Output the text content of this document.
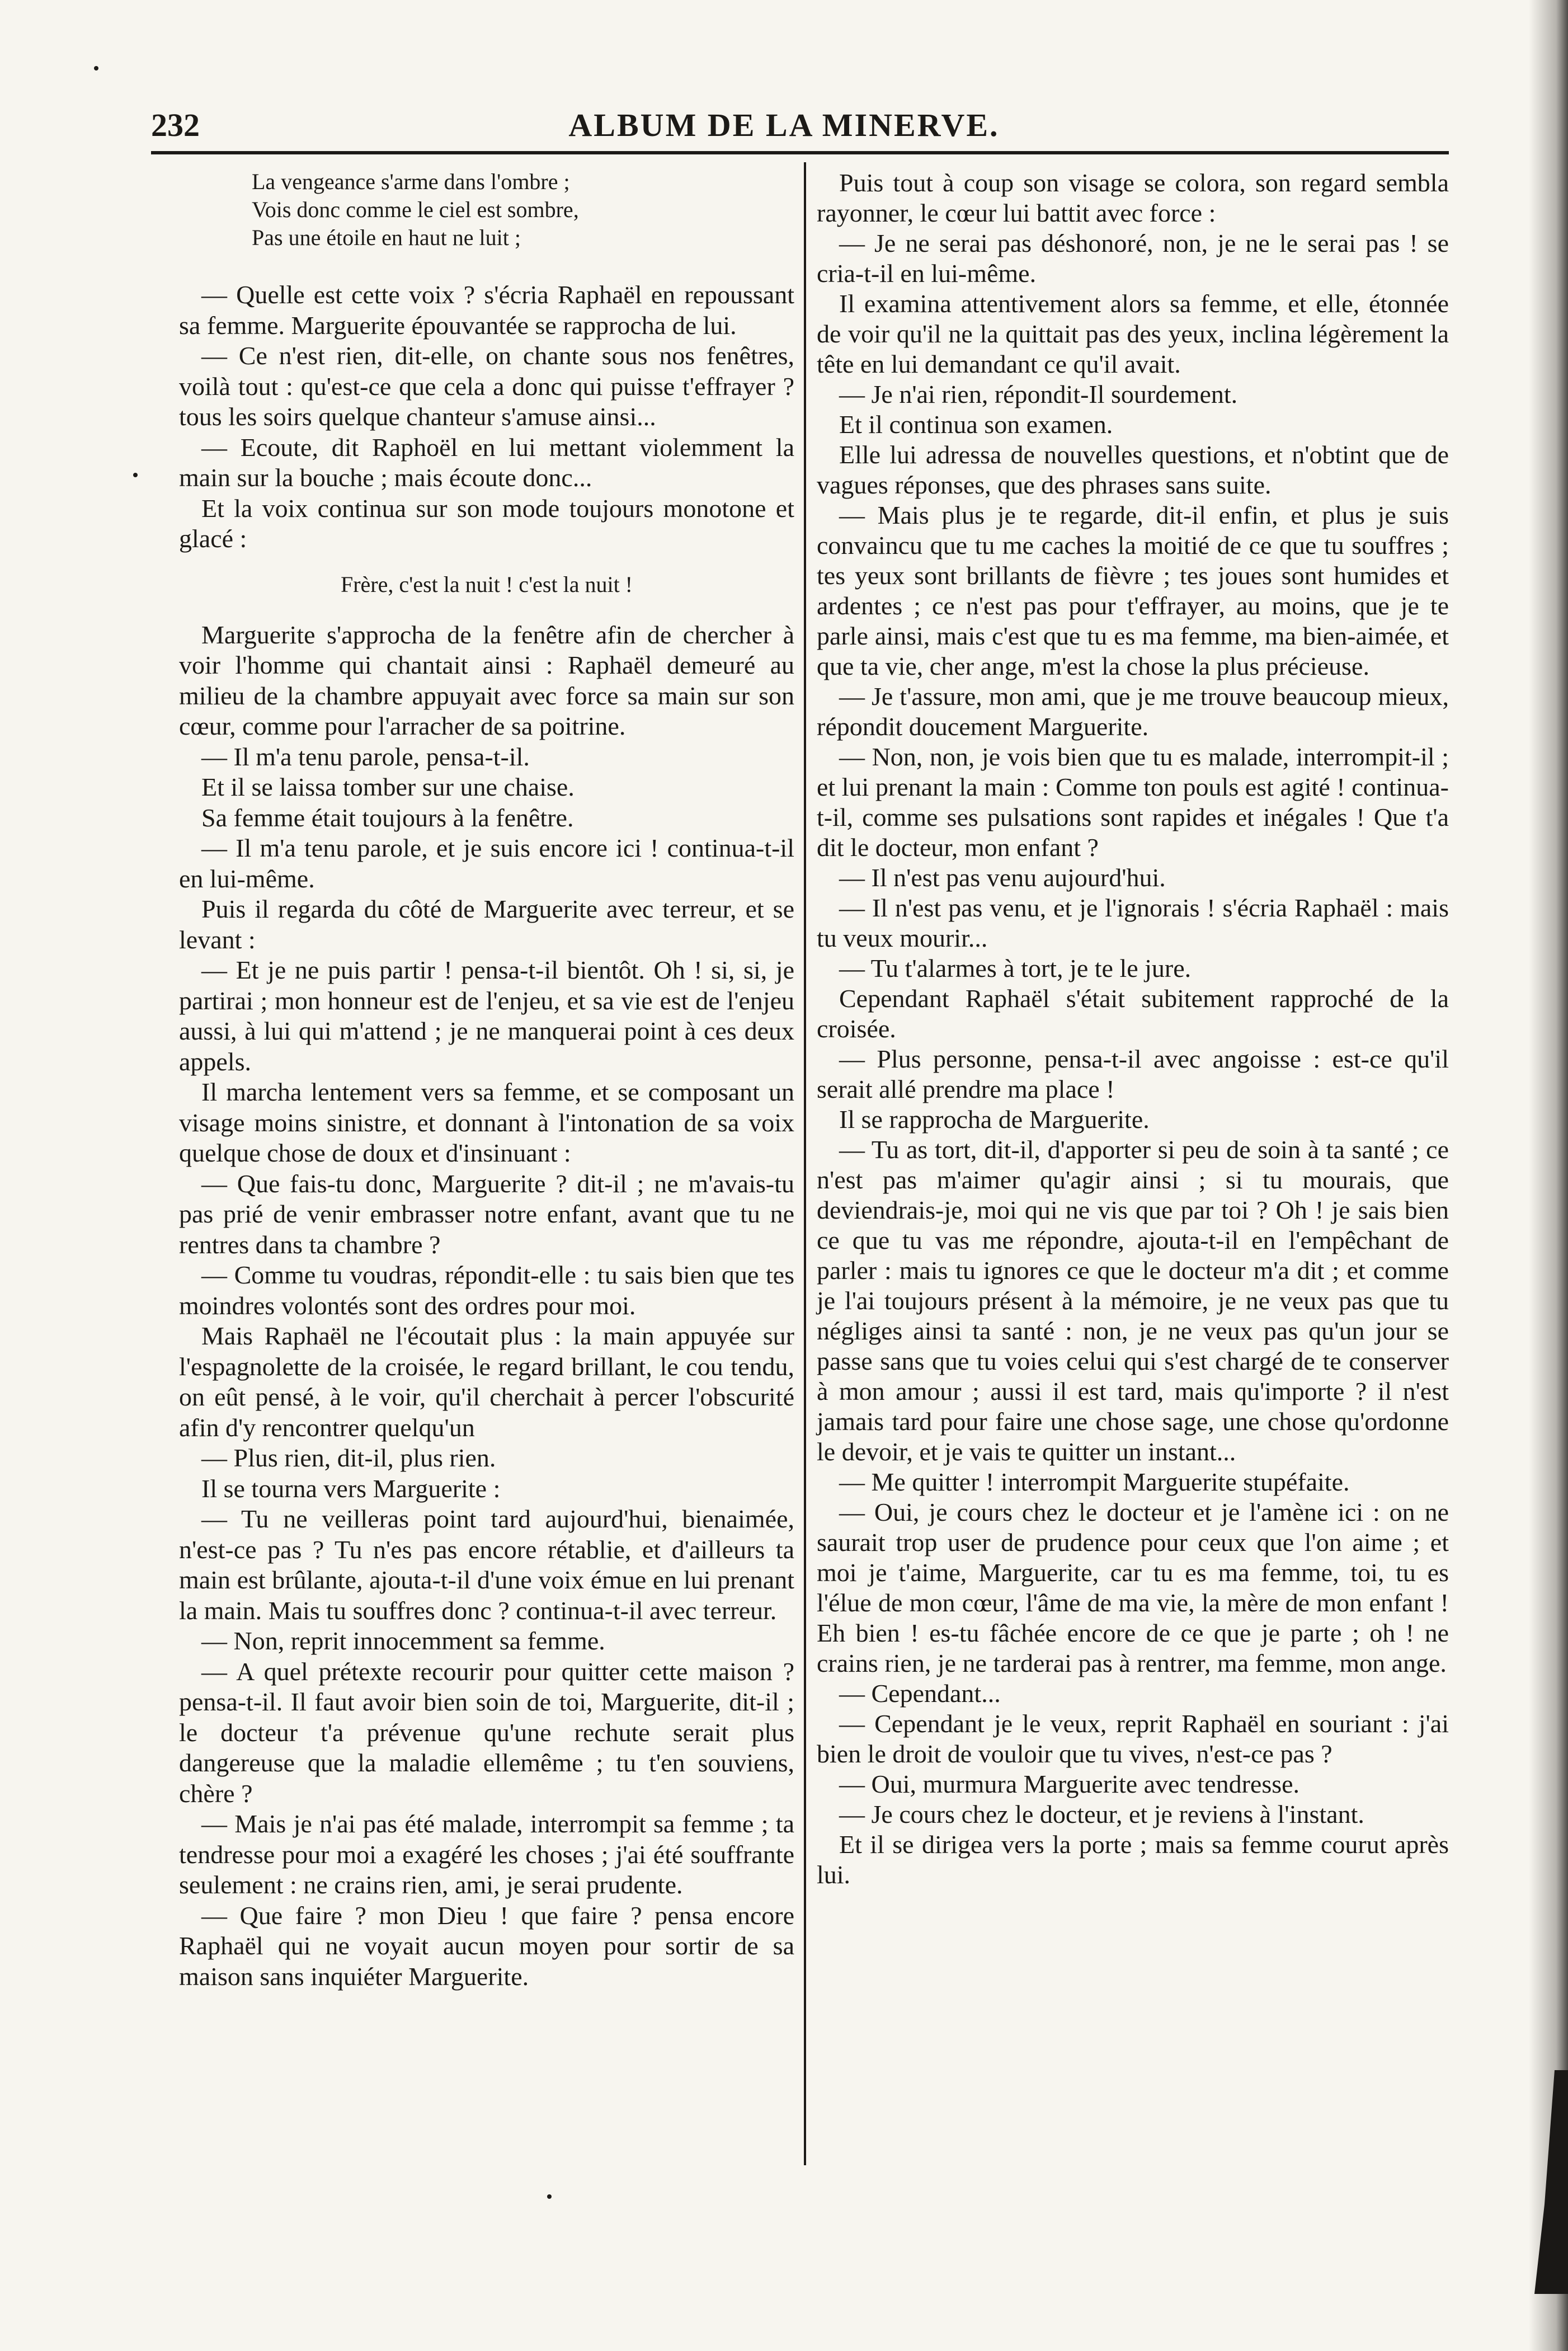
232	ALBUM DE LA MINERVE.
La vengeance s'arme dans l'ombre ;
Vois donc comme le ciel est sombre,
Pas une étoile en haut ne luit ;

— Quelle est cette voix ? s'écria Raphaël en repoussant sa femme. Marguerite épouvantée se rapprocha de lui.

— Ce n'est rien, dit-elle, on chante sous nos fenêtres, voilà tout : qu'est-ce que cela a donc qui puisse t'effrayer ? tous les soirs quelque chanteur s'amuse ainsi...

— Ecoute, dit Raphoël en lui mettant violemment la main sur la bouche ; mais écoute donc...

Et la voix continua sur son mode toujours monotone et glacé :

Frère, c'est la nuit ! c'est la nuit !

Marguerite s'approcha de la fenêtre afin de chercher à voir l'homme qui chantait ainsi : Raphaël demeuré au milieu de la chambre appuyait avec force sa main sur son cœur, comme pour l'arracher de sa poitrine.

— Il m'a tenu parole, pensa-t-il.

Et il se laissa tomber sur une chaise.

Sa femme était toujours à la fenêtre.

— Il m'a tenu parole, et je suis encore ici ! continua-t-il en lui-même.

Puis il regarda du côté de Marguerite avec terreur, et se levant :

— Et je ne puis partir ! pensa-t-il bientôt. Oh ! si, si, je partirai ; mon honneur est de l'enjeu, et sa vie est de l'enjeu aussi, à lui qui m'attend ; je ne manquerai point à ces deux appels.

Il marcha lentement vers sa femme, et se composant un visage moins sinistre, et donnant à l'intonation de sa voix quelque chose de doux et d'insinuant :

— Que fais-tu donc, Marguerite ? dit-il ; ne m'avais-tu pas prié de venir embrasser notre enfant, avant que tu ne rentres dans ta chambre ?

— Comme tu voudras, répondit-elle : tu sais bien que tes moindres volontés sont des ordres pour moi.

Mais Raphaël ne l'écoutait plus : la main appuyée sur l'espagnolette de la croisée, le regard brillant, le cou tendu, on eût pensé, à le voir, qu'il cherchait à percer l'obscurité afin d'y rencontrer quelqu'un

— Plus rien, dit-il, plus rien.

Il se tourna vers Marguerite :

— Tu ne veilleras point tard aujourd'hui, bienaimée, n'est-ce pas ? Tu n'es pas encore rétablie, et d'ailleurs ta main est brûlante, ajouta-t-il d'une voix émue en lui prenant la main. Mais tu souffres donc ? continua-t-il avec terreur.

— Non, reprit innocemment sa femme.

— A quel prétexte recourir pour quitter cette maison ? pensa-t-il. Il faut avoir bien soin de toi, Marguerite, dit-il ; le docteur t'a prévenue qu'une rechute serait plus dangereuse que la maladie ellemême ; tu t'en souviens, chère ?

— Mais je n'ai pas été malade, interrompit sa femme ; ta tendresse pour moi a exagéré les choses ; j'ai été souffrante seulement : ne crains rien, ami, je serai prudente.

— Que faire ? mon Dieu ! que faire ? pensa encore Raphaël qui ne voyait aucun moyen pour sortir de sa maison sans inquiéter Marguerite.

Puis tout à coup son visage se colora, son regard sembla rayonner, le cœur lui battit avec force :

— Je ne serai pas déshonoré, non, je ne le serai pas ! se cria-t-il en lui-même.

Il examina attentivement alors sa femme, et elle, étonnée de voir qu'il ne la quittait pas des yeux, inclina légèrement la tête en lui demandant ce qu'il avait.

— Je n'ai rien, répondit-Il sourdement.

Et il continua son examen.

Elle lui adressa de nouvelles questions, et n'obtint que de vagues réponses, que des phrases sans suite.

— Mais plus je te regarde, dit-il enfin, et plus je suis convaincu que tu me caches la moitié de ce que tu souffres ; tes yeux sont brillants de fièvre ; tes joues sont humides et ardentes ; ce n'est pas pour t'effrayer, au moins, que je te parle ainsi, mais c'est que tu es ma femme, ma bien-aimée, et que ta vie, cher ange, m'est la chose la plus précieuse.

— Je t'assure, mon ami, que je me trouve beaucoup mieux, répondit doucement Marguerite.

— Non, non, je vois bien que tu es malade, interrompit-il ; et lui prenant la main : Comme ton pouls est agité ! continua-t-il, comme ses pulsations sont rapides et inégales ! Que t'a dit le docteur, mon enfant ?

— Il n'est pas venu aujourd'hui.

— Il n'est pas venu, et je l'ignorais ! s'écria Raphaël : mais tu veux mourir...

— Tu t'alarmes à tort, je te le jure.

Cependant Raphaël s'était subitement rapproché de la croisée.

— Plus personne, pensa-t-il avec angoisse : est-ce qu'il serait allé prendre ma place !

Il se rapprocha de Marguerite.

— Tu as tort, dit-il, d'apporter si peu de soin à ta santé ; ce n'est pas m'aimer qu'agir ainsi ; si tu mourais, que deviendrais-je, moi qui ne vis que par toi ? Oh ! je sais bien ce que tu vas me répondre, ajouta-t-il en l'empêchant de parler : mais tu ignores ce que le docteur m'a dit ; et comme je l'ai toujours présent à la mémoire, je ne veux pas que tu négliges ainsi ta santé : non, je ne veux pas qu'un jour se passe sans que tu voies celui qui s'est chargé de te conserver à mon amour ; aussi il est tard, mais qu'importe ? il n'est jamais tard pour faire une chose sage, une chose qu'ordonne le devoir, et je vais te quitter un instant...

— Me quitter ! interrompit Marguerite stupéfaite.

— Oui, je cours chez le docteur et je l'amène ici : on ne saurait trop user de prudence pour ceux que l'on aime ; et moi je t'aime, Marguerite, car tu es ma femme, toi, tu es l'élue de mon cœur, l'âme de ma vie, la mère de mon enfant ! Eh bien ! es-tu fâchée encore de ce que je parte ; oh ! ne crains rien, je ne tarderai pas à rentrer, ma femme, mon ange.

— Cependant...

— Cependant je le veux, reprit Raphaël en souriant : j'ai bien le droit de vouloir que tu vives, n'est-ce pas ?

— Oui, murmura Marguerite avec tendresse.

— Je cours chez le docteur, et je reviens à l'instant.

Et il se dirigea vers la porte ; mais sa femme courut après lui.
